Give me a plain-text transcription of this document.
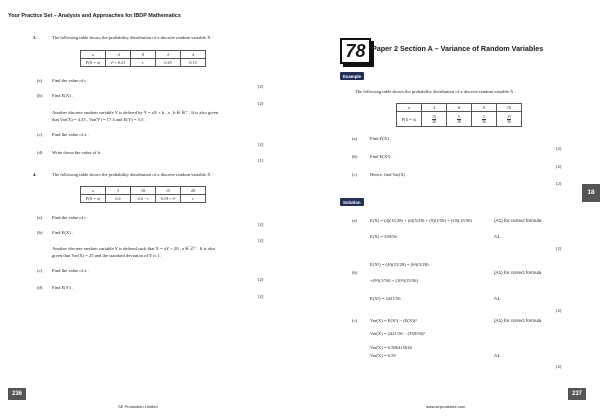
Your Practice Set – Analysis and Approaches for IBDP Mathematics
3.	The following table shows the probability distribution of a discrete random variable X .
x	−2	0	2	4
P(X = x)	r² + 0.21	r	0.25	0.15
(a) Find the value of r .
[2]
(b) Find E(X) .
[2]
Another discrete random variable Y is defined by Y = aX + b , a , b ∈ ℝ⁺ . It is also given
that Var(X) = 4.35 , Var(Y) = 17.4 and E(Y) = 5.5 .
(c) Find the value of a .
[2]
(d) Write down the value of b .
[1]
4.	The following table shows the probability distribution of a discrete random variable X .
x	5	10	15	20
P(X = x)	0.4	0.4 − r	0.19 + r²	r
(a) Find the value of r .
[2]
(b) Find E(X) .
[2]
Another discrete random variable Y is defined such that X = aY + 20 , a ∈ ℤ⁺ . It is also
given that Var(X) = 25 and the standard deviation of Y is 1.
(c) Find the value of a .
[2]
(d) Find E(Y) .
[2]
236
SE Production Limited
78 Paper 2 Section A – Variance of Random Variables
Example
The following table shows the probability distribution of a discrete random variable X .
x	4	6	9	10
P(X = x)	$\frac{15}{28}$	$\frac{5}{28}$	$\frac{1}{56}$	$\frac{15}{56}$
(a)	Find E(X) .
[2]
(b)	Find E(X²) .
[2]
(c)	Hence, find Var(X) .
[2]
Solution
(a)	E(X) = (4)(15/28) + (6)(5/28) + (9)(1/56) + (10)(15/56)
E(X) = 339/56
(A1) for correct formula
A1
[2]
(b)
E(X²) = (4²)(15/28) + (6²)(5/28)
+(9²)(1/56) + (10²)(15/56)
E(X²) = 2421/56
(A1) for correct formula
A1
[2]
(c)	Var(X) = E(X²) − (E(X))²
Var(X) = 2421/56 − (339/56)²
Var(X) = 6.586415816
Var(X) = 6.59
(A1) for correct formula
A1
[2]
237
www.seprodstore.com
18
